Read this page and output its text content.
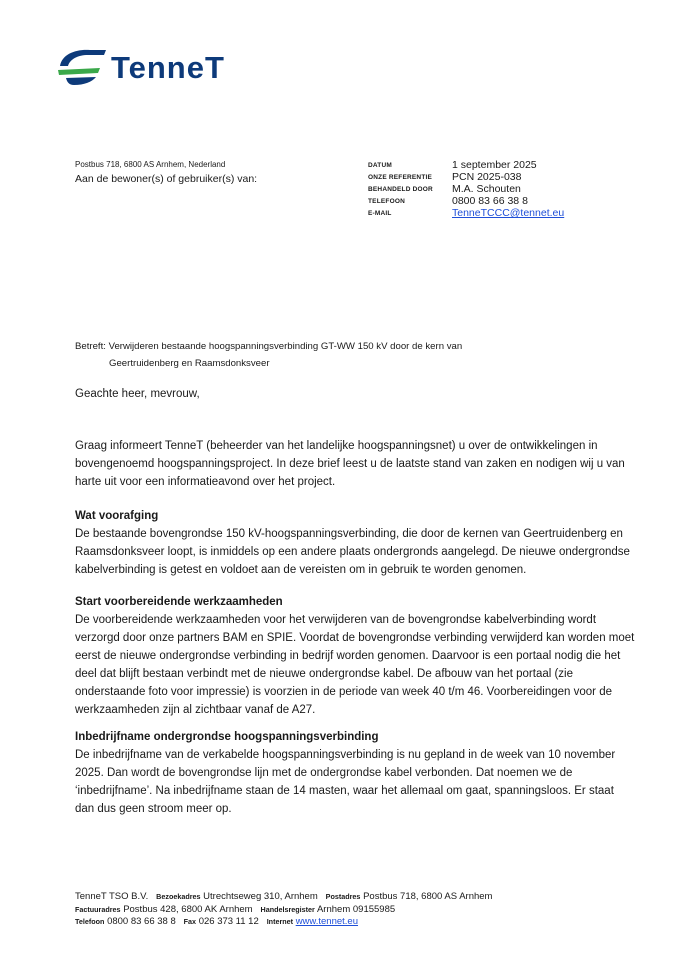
TenneT
Postbus 718, 6800 AS Arnhem, Nederland
Aan de bewoner(s) of gebruiker(s) van:
DATUM	1 september 2025
ONZE REFERENTIE	PCN 2025-038
BEHANDELD DOOR	M.A. Schouten
TELEFOON	0800 83 66 38 8
E-MAIL	TenneTCCC@tennet.eu
Betreft: Verwijderen bestaande hoogspanningsverbinding GT-WW 150 kV door de kern van
Geertruidenberg en Raamsdonksveer
Geachte heer, mevrouw,
Graag informeert TenneT (beheerder van het landelijke hoogspanningsnet) u over de ontwikkelingen in bovengenoemd hoogspanningsproject. In deze brief leest u de laatste stand van zaken en nodigen wij u van harte uit voor een informatieavond over het project.
Wat voorafging
De bestaande bovengrondse 150 kV-hoogspanningsverbinding, die door de kernen van Geertruidenberg en Raamsdonksveer loopt, is inmiddels op een andere plaats ondergronds aangelegd. De nieuwe ondergrondse kabelverbinding is getest en voldoet aan de vereisten om in gebruik te worden genomen.
Start voorbereidende werkzaamheden
De voorbereidende werkzaamheden voor het verwijderen van de bovengrondse kabelverbinding wordt verzorgd door onze partners BAM en SPIE. Voordat de bovengrondse verbinding verwijderd kan worden moet eerst de nieuwe ondergrondse verbinding in bedrijf worden genomen. Daarvoor is een portaal nodig die het deel dat blijft bestaan verbindt met de nieuwe ondergrondse kabel. De afbouw van het portaal (zie onderstaande foto voor impressie) is voorzien in de periode van week 40 t/m 46. Voorbereidingen voor de werkzaamheden zijn al zichtbaar vanaf de A27.
Inbedrijfname ondergrondse hoogspanningsverbinding
De inbedrijfname van de verkabelde hoogspanningsverbinding is nu gepland in de week van 10 november 2025. Dan wordt de bovengrondse lijn met de ondergrondse kabel verbonden. Dat noemen we de ‘inbedrijfname’. Na inbedrijfname staan de 14 masten, waar het allemaal om gaat, spanningsloos. Er staat dan dus geen stroom meer op.
TenneT TSO B.V. Bezoekadres Utrechtseweg 310, Arnhem Postadres Postbus 718, 6800 AS Arnhem
Factuuradres Postbus 428, 6800 AK Arnhem Handelsregister Arnhem 09155985
Telefoon 0800 83 66 38 8 Fax 026 373 11 12 Internet www.tennet.eu
